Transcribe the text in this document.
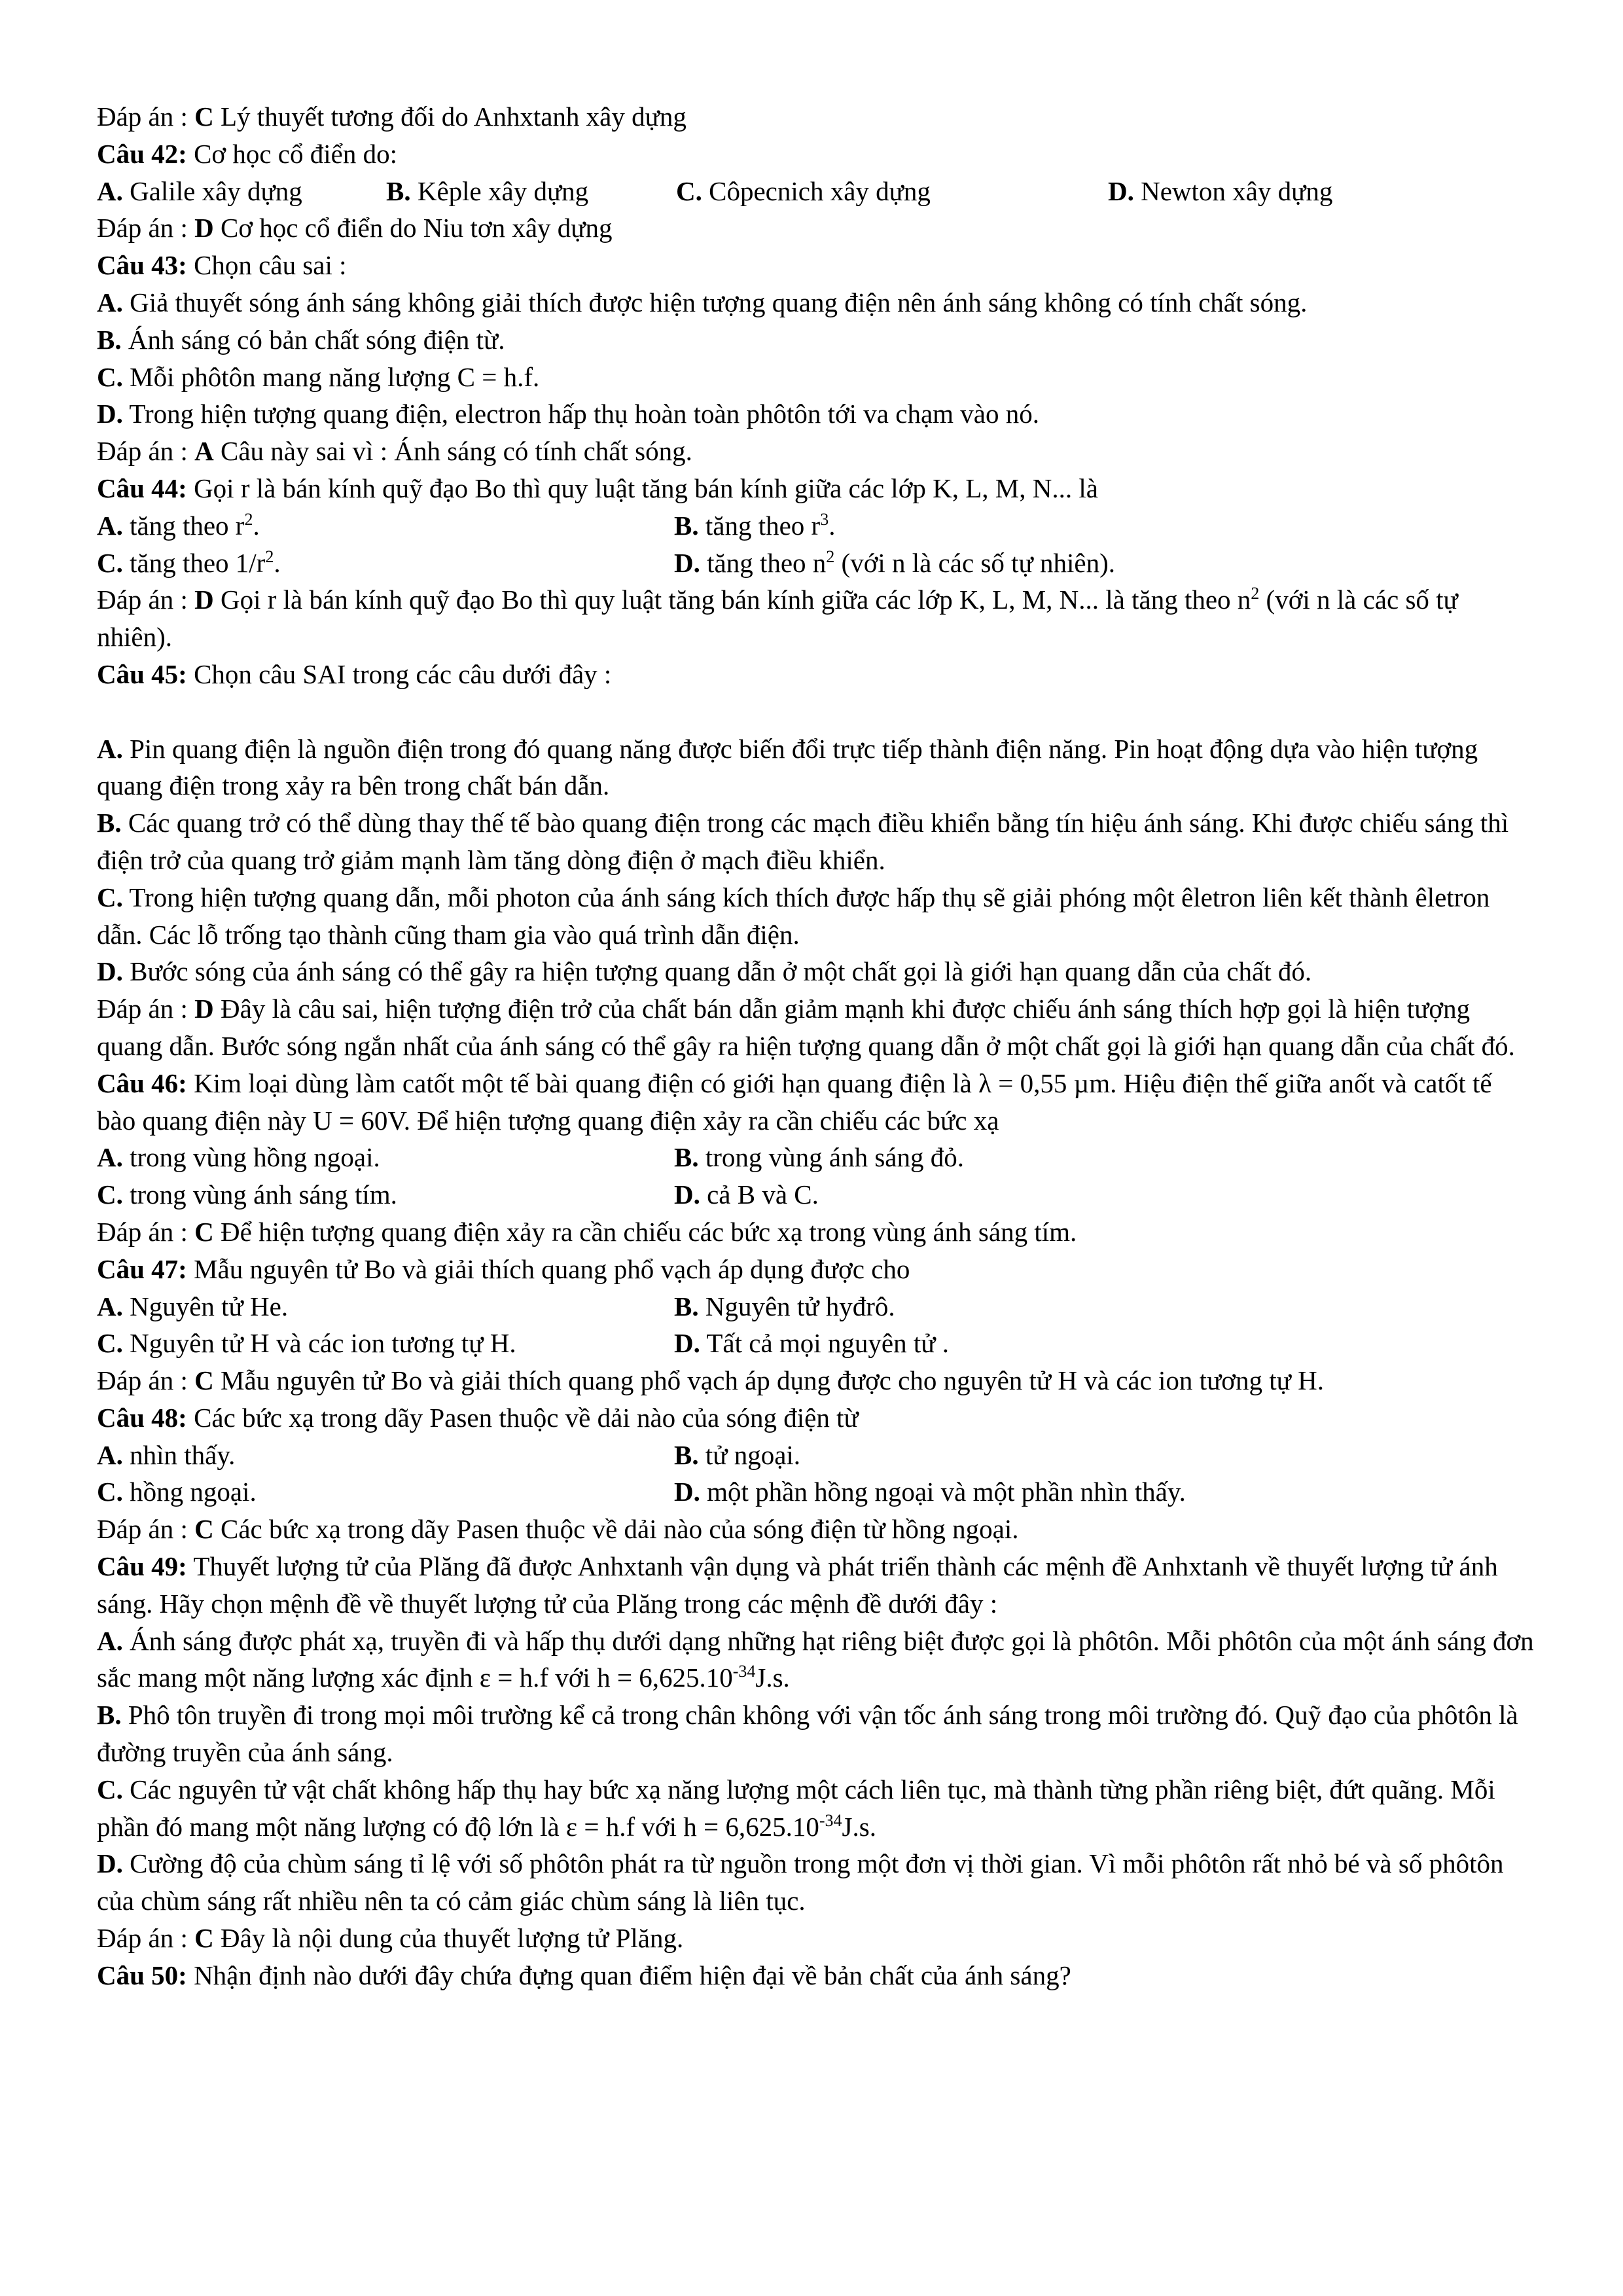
Đáp án : C Lý thuyết tương đối do Anhxtanh xây dựng
Câu 42: Cơ học cổ điển do:
A. Galile xây dựng	B. Kêple xây dựng	C. Côpecnich xây dựng	D. Newton xây dựng
Đáp án : D Cơ học cổ điển do Niu tơn xây dựng
Câu 43: Chọn câu sai :
A. Giả thuyết sóng ánh sáng không giải thích được hiện tượng quang điện nên ánh sáng không có tính chất sóng.
B. Ánh sáng có bản chất sóng điện từ.
C. Mỗi phôtôn mang năng lượng C = h.f.
D. Trong hiện tượng quang điện, electron hấp thụ hoàn toàn phôtôn tới va chạm vào nó.
Đáp án : A Câu này sai vì : Ánh sáng có tính chất sóng.
Câu 44: Gọi r là bán kính quỹ đạo Bo thì quy luật tăng bán kính giữa các lớp K, L, M, N... là
A. tăng theo $r^2$.	B. tăng theo $r^3$.
C. tăng theo $1/r^2$.	D. tăng theo $n^2$ (với n là các số tự nhiên).
Đáp án : D Gọi r là bán kính quỹ đạo Bo thì quy luật tăng bán kính giữa các lớp K, L, M, N... là tăng theo $n^2$ (với n là các số tự nhiên).
Câu 45: Chọn câu SAI trong các câu dưới đây :
A. Pin quang điện là nguồn điện trong đó quang năng được biến đổi trực tiếp thành điện năng. Pin hoạt động dựa vào hiện tượng quang điện trong xảy ra bên trong chất bán dẫn.
B. Các quang trở có thể dùng thay thế tế bào quang điện trong các mạch điều khiển bằng tín hiệu ánh sáng. Khi được chiếu sáng thì điện trở của quang trở giảm mạnh làm tăng dòng điện ở mạch điều khiển.
C. Trong hiện tượng quang dẫn, mỗi photon của ánh sáng kích thích được hấp thụ sẽ giải phóng một êletron liên kết thành êletron dẫn. Các lỗ trống tạo thành cũng tham gia vào quá trình dẫn điện.
D. Bước sóng của ánh sáng có thể gây ra hiện tượng quang dẫn ở một chất gọi là giới hạn quang dẫn của chất đó.
Đáp án : D Đây là câu sai, hiện tượng điện trở của chất bán dẫn giảm mạnh khi được chiếu ánh sáng thích hợp gọi là hiện tượng quang dẫn. Bước sóng ngắn nhất của ánh sáng có thể gây ra hiện tượng quang dẫn ở một chất gọi là giới hạn quang dẫn của chất đó.
Câu 46: Kim loại dùng làm catốt một tế bài quang điện có giới hạn quang điện là λ = 0,55 µm. Hiệu điện thế giữa anốt và catốt tế bào quang điện này U = 60V. Để hiện tượng quang điện xảy ra cần chiếu các bức xạ
A. trong vùng hồng ngoại.	B. trong vùng ánh sáng đỏ.
C. trong vùng ánh sáng tím.	D. cả B và C.
Đáp án : C Để hiện tượng quang điện xảy ra cần chiếu các bức xạ trong vùng ánh sáng tím.
Câu 47: Mẫu nguyên tử Bo và giải thích quang phổ vạch áp dụng được cho
A. Nguyên tử He.	B. Nguyên tử hyđrô.
C. Nguyên tử H và các ion tương tự H.	D. Tất cả mọi nguyên tử .
Đáp án : C Mẫu nguyên tử Bo và giải thích quang phổ vạch áp dụng được cho nguyên tử H và các ion tương tự H.
Câu 48: Các bức xạ trong dãy Pasen thuộc về dải nào của sóng điện từ
A. nhìn thấy.	B. tử ngoại.
C. hồng ngoại.	D. một phần hồng ngoại và một phần nhìn thấy.
Đáp án : C Các bức xạ trong dãy Pasen thuộc về dải nào của sóng điện từ hồng ngoại.
Câu 49: Thuyết lượng tử của Plăng đã được Anhxtanh vận dụng và phát triển thành các mệnh đề Anhxtanh về thuyết lượng tử ánh sáng. Hãy chọn mệnh đề về thuyết lượng tử của Plăng trong các mệnh đề dưới đây :
A. Ánh sáng được phát xạ, truyền đi và hấp thụ dưới dạng những hạt riêng biệt được gọi là phôtôn. Mỗi phôtôn của một ánh sáng đơn sắc mang một năng lượng xác định ε = h.f với $h = 6,625.10^{-34}J.s$.
B. Phô tôn truyền đi trong mọi môi trường kể cả trong chân không với vận tốc ánh sáng trong môi trường đó. Quỹ đạo của phôtôn là đường truyền của ánh sáng.
C. Các nguyên tử vật chất không hấp thụ hay bức xạ năng lượng một cách liên tục, mà thành từng phần riêng biệt, đứt quãng. Mỗi phần đó mang một năng lượng có độ lớn là ε = h.f với $h = 6,625.10^{-34}J.s$.
D. Cường độ của chùm sáng tỉ lệ với số phôtôn phát ra từ nguồn trong một đơn vị thời gian. Vì mỗi phôtôn rất nhỏ bé và số phôtôn của chùm sáng rất nhiều nên ta có cảm giác chùm sáng là liên tục.
Đáp án : C Đây là nội dung của thuyết lượng tử Plăng.
Câu 50: Nhận định nào dưới đây chứa đựng quan điểm hiện đại về bản chất của ánh sáng?
